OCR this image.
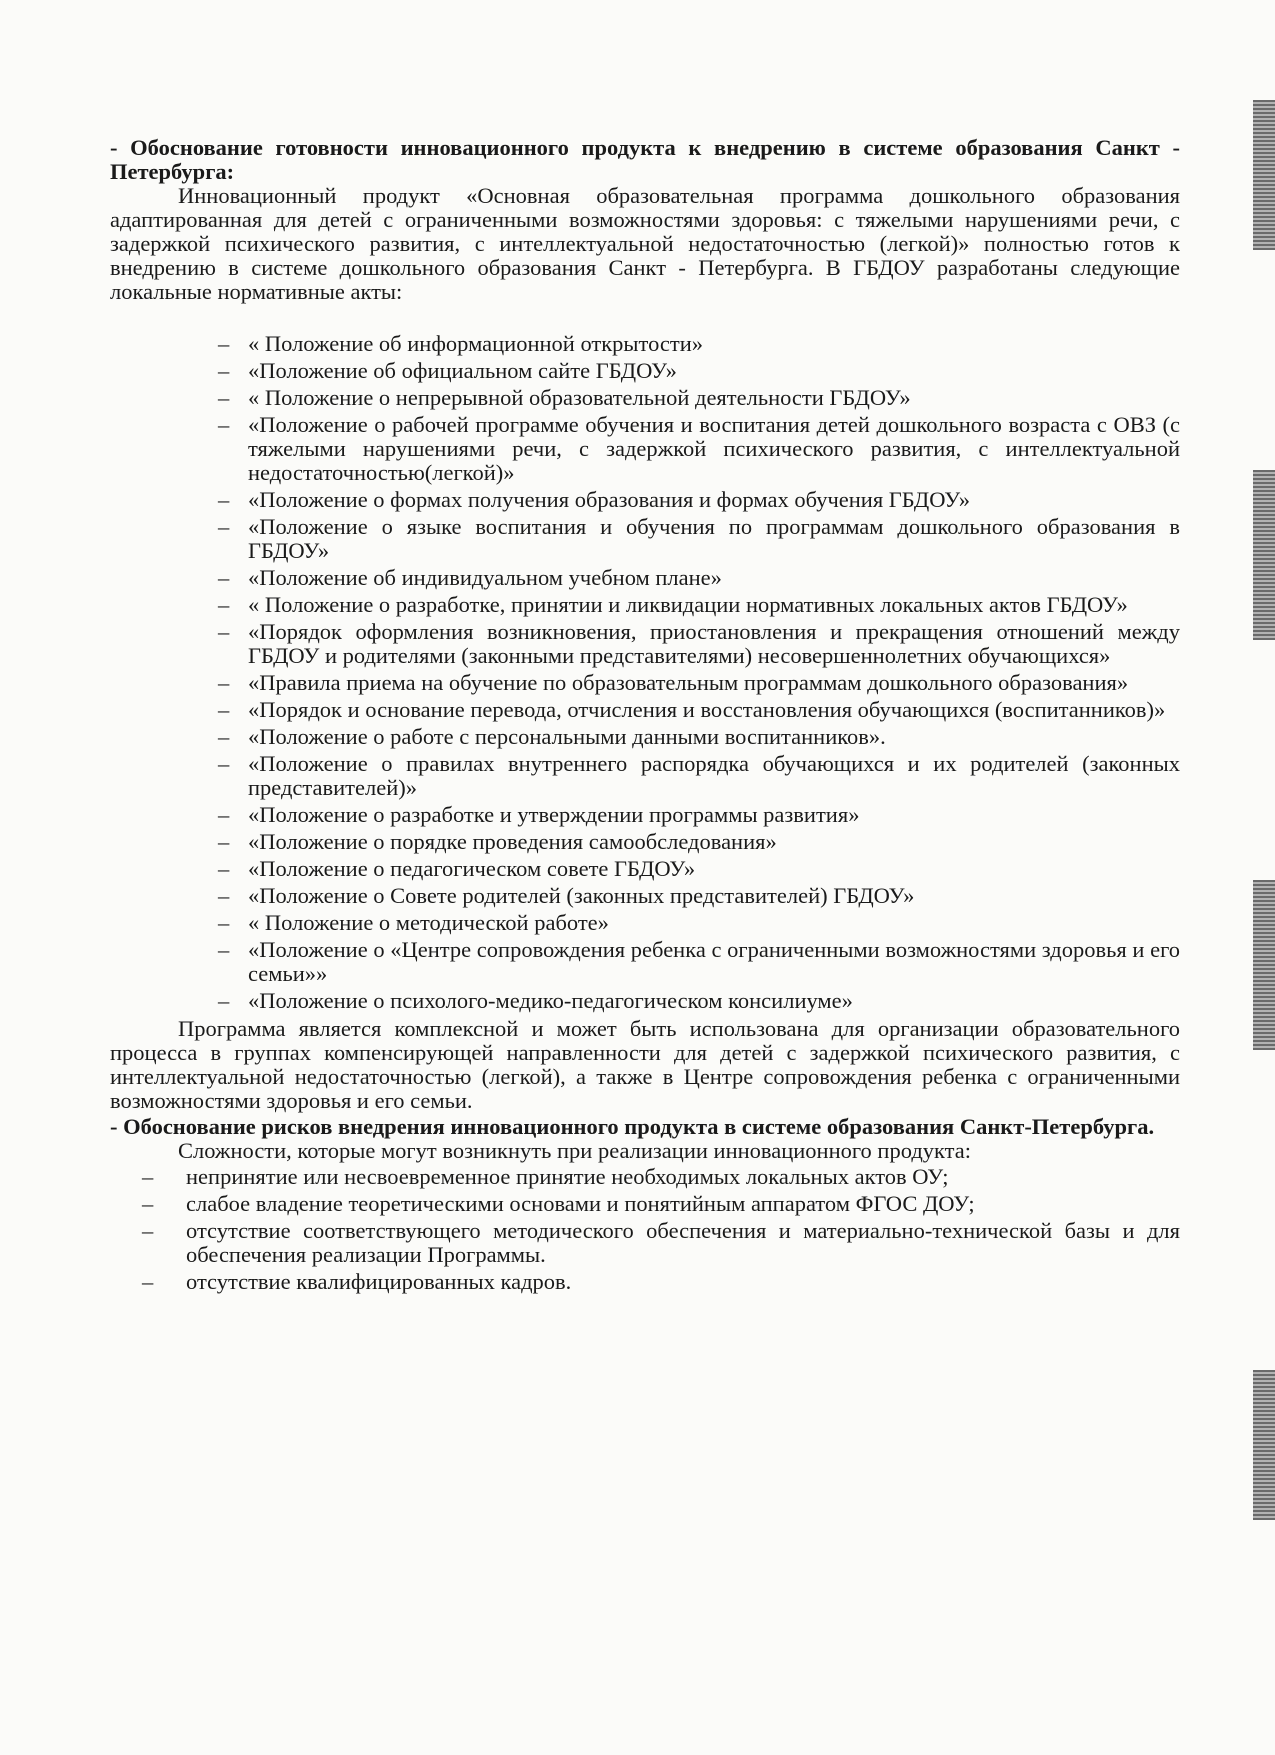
- Обоснование готовности инновационного продукта к внедрению в системе образования Санкт - Петербурга:

Инновационный продукт «Основная образовательная программа дошкольного образования адаптированная для детей с ограниченными возможностями здоровья: с тяжелыми нарушениями речи, с задержкой психического развития, с интеллектуальной недостаточностью (легкой)» полностью готов к внедрению в системе дошкольного образования Санкт - Петербурга. В ГБДОУ разработаны следующие локальные нормативные акты:

– « Положение об информационной открытости»
– «Положение об официальном сайте ГБДОУ»
– « Положение о непрерывной образовательной деятельности ГБДОУ»
– «Положение о рабочей программе обучения и воспитания детей дошкольного возраста с ОВЗ (с тяжелыми нарушениями речи, с задержкой психического развития, с интеллектуальной недостаточностью(легкой)»
– «Положение о формах получения образования и формах обучения ГБДОУ»
– «Положение о языке воспитания и обучения по программам дошкольного образования в ГБДОУ»
– «Положение об индивидуальном учебном плане»
– « Положение о разработке, принятии и ликвидации нормативных локальных актов ГБДОУ»
– «Порядок оформления возникновения, приостановления и прекращения отношений между ГБДОУ и родителями (законными представителями) несовершеннолетних обучающихся»
– «Правила приема на обучение по образовательным программам дошкольного образования»
– «Порядок и основание перевода, отчисления и восстановления обучающихся (воспитанников)»
– «Положение о работе с персональными данными воспитанников».
– «Положение о правилах внутреннего распорядка обучающихся и их родителей (законных представителей)»
– «Положение о разработке и утверждении программы развития»
– «Положение о порядке проведения самообследования»
– «Положение о педагогическом совете ГБДОУ»
– «Положение о Совете родителей (законных представителей) ГБДОУ»
– « Положение о методической работе»
– «Положение о «Центре сопровождения ребенка с ограниченными возможностями здоровья и его семьи»»
– «Положение о психолого-медико-педагогическом консилиуме»

Программа является комплексной и может быть использована для организации образовательного процесса в группах компенсирующей направленности для детей с задержкой психического развития, с интеллектуальной недостаточностью (легкой), а также в Центре сопровождения ребенка с ограниченными возможностями здоровья и его семьи.

- Обоснование рисков внедрения инновационного продукта в системе образования Санкт-Петербурга.

Сложности, которые могут возникнуть при реализации инновационного продукта:

– непринятие или несвоевременное принятие необходимых локальных актов ОУ;
– слабое владение теоретическими основами и понятийным аппаратом ФГОС ДОУ;
– отсутствие соответствующего методического обеспечения и материально-технической базы и для обеспечения реализации Программы.
– отсутствие квалифицированных кадров.
